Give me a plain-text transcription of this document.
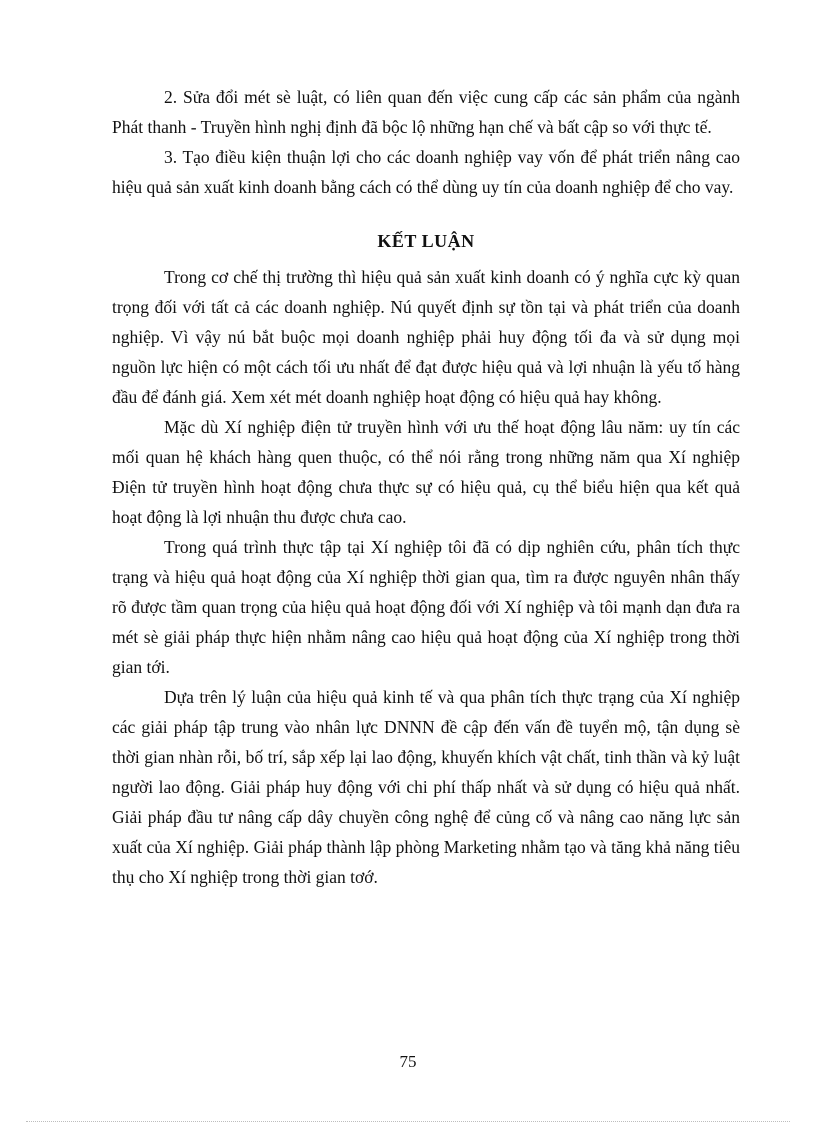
2. Sửa đổi mét sè luật, có liên quan đến việc cung cấp các sản phẩm của ngành Phát thanh - Truyền hình nghị định đã bộc lộ những hạn chế và bất cập so với thực tế.

3. Tạo điều kiện thuận lợi cho các doanh nghiệp vay vốn để phát triển nâng cao hiệu quả sản xuất kinh doanh bằng cách có thể dùng uy tín của doanh nghiệp để cho vay.

KẾT LUẬN

Trong cơ chế thị trường thì hiệu quả sản xuất kinh doanh có ý nghĩa cực kỳ quan trọng đối với tất cả các doanh nghiệp. Nú quyết định sự tồn tại và phát triển của doanh nghiệp. Vì vậy nú bắt buộc mọi doanh nghiệp phải huy động tối đa và sử dụng mọi nguồn lực hiện có một cách tối ưu nhất để đạt được hiệu quả và lợi nhuận là yếu tố hàng đầu để đánh giá. Xem xét mét doanh nghiệp hoạt động có hiệu quả hay không.

Mặc dù Xí nghiệp điện tử truyền hình với ưu thế hoạt động lâu năm: uy tín các mối quan hệ khách hàng quen thuộc, có thể nói rằng trong những năm qua Xí nghiệp Điện tử truyền hình hoạt động chưa thực sự có hiệu quả, cụ thể biểu hiện qua kết quả hoạt động là lợi nhuận thu được chưa cao.

Trong quá trình thực tập tại Xí nghiệp tôi đã có dịp nghiên cứu, phân tích thực trạng và hiệu quả hoạt động của Xí nghiệp thời gian qua, tìm ra được nguyên nhân thấy rõ được tầm quan trọng của hiệu quả hoạt động đối với Xí nghiệp và tôi mạnh dạn đưa ra mét sè giải pháp thực hiện nhằm nâng cao hiệu quả hoạt động của Xí nghiệp trong thời gian tới.

Dựa trên lý luận của hiệu quả kinh tế và qua phân tích thực trạng của Xí nghiệp các giải pháp tập trung vào nhân lực DNNN đề cập đến vấn đề tuyển mộ, tận dụng sè thời gian nhàn rỗi, bố trí, sắp xếp lại lao động, khuyến khích vật chất, tinh thần và kỷ luật người lao động. Giải pháp huy động với chi phí thấp nhất và sử dụng có hiệu quả nhất. Giải pháp đầu tư nâng cấp dây chuyền công nghệ để củng cố và nâng cao năng lực sản xuất của Xí nghiệp. Giải pháp thành lập phòng Marketing nhằm tạo và tăng khả năng tiêu thụ cho Xí nghiệp trong thời gian tơớ.

75
